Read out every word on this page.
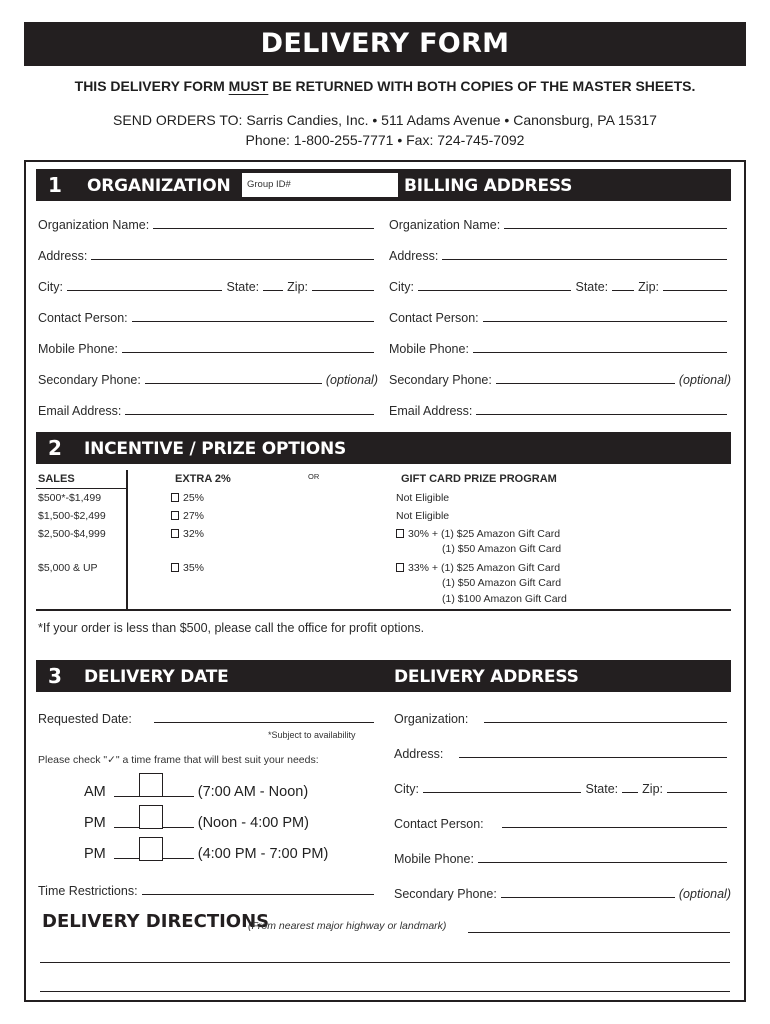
DELIVERY FORM
THIS DELIVERY FORM MUST BE RETURNED WITH BOTH COPIES OF THE MASTER SHEETS.
SEND ORDERS TO: Sarris Candies, Inc. • 511 Adams Avenue • Canonsburg, PA 15317
Phone: 1-800-255-7771 • Fax: 724-745-7092
1	ORGANIZATION Group ID#	BILLING ADDRESS
Organization Name:
Address:
City:	State: Zip:
Contact Person:
Mobile Phone:
Secondary Phone:	(optional)
Email Address:
Organization Name:
Address:
City:	State: Zip:
Contact Person:
Mobile Phone:
Secondary Phone:	(optional)
Email Address:
2	INCENTIVE / PRIZE OPTIONS
SALES	EXTRA 2%	OR	GIFT CARD PRIZE PROGRAM
$500*-$1,499	25%	Not Eligible
$1,500-$2,499	27%	Not Eligible
$2,500-$4,999	32%	30% + (1) $25 Amazon Gift Card
(1) $50 Amazon Gift Card
$5,000 & UP	35%	33% + (1) $25 Amazon Gift Card
(1) $50 Amazon Gift Card
(1) $100 Amazon Gift Card
*If your order is less than $500, please call the office for profit options.
3	DELIVERY DATE	DELIVERY ADDRESS
Requested Date:
*Subject to availability
Please check "✓" a time frame that will best suit your needs:
AM	(7:00 AM - Noon)
PM	(Noon - 4:00 PM)
PM	(4:00 PM - 7:00 PM)
Time Restrictions:
Organization:
Address:
City:	State: Zip:
Contact Person:
Mobile Phone:
Secondary Phone:	(optional)
DELIVERY DIRECTIONS
(From nearest major highway or landmark)
